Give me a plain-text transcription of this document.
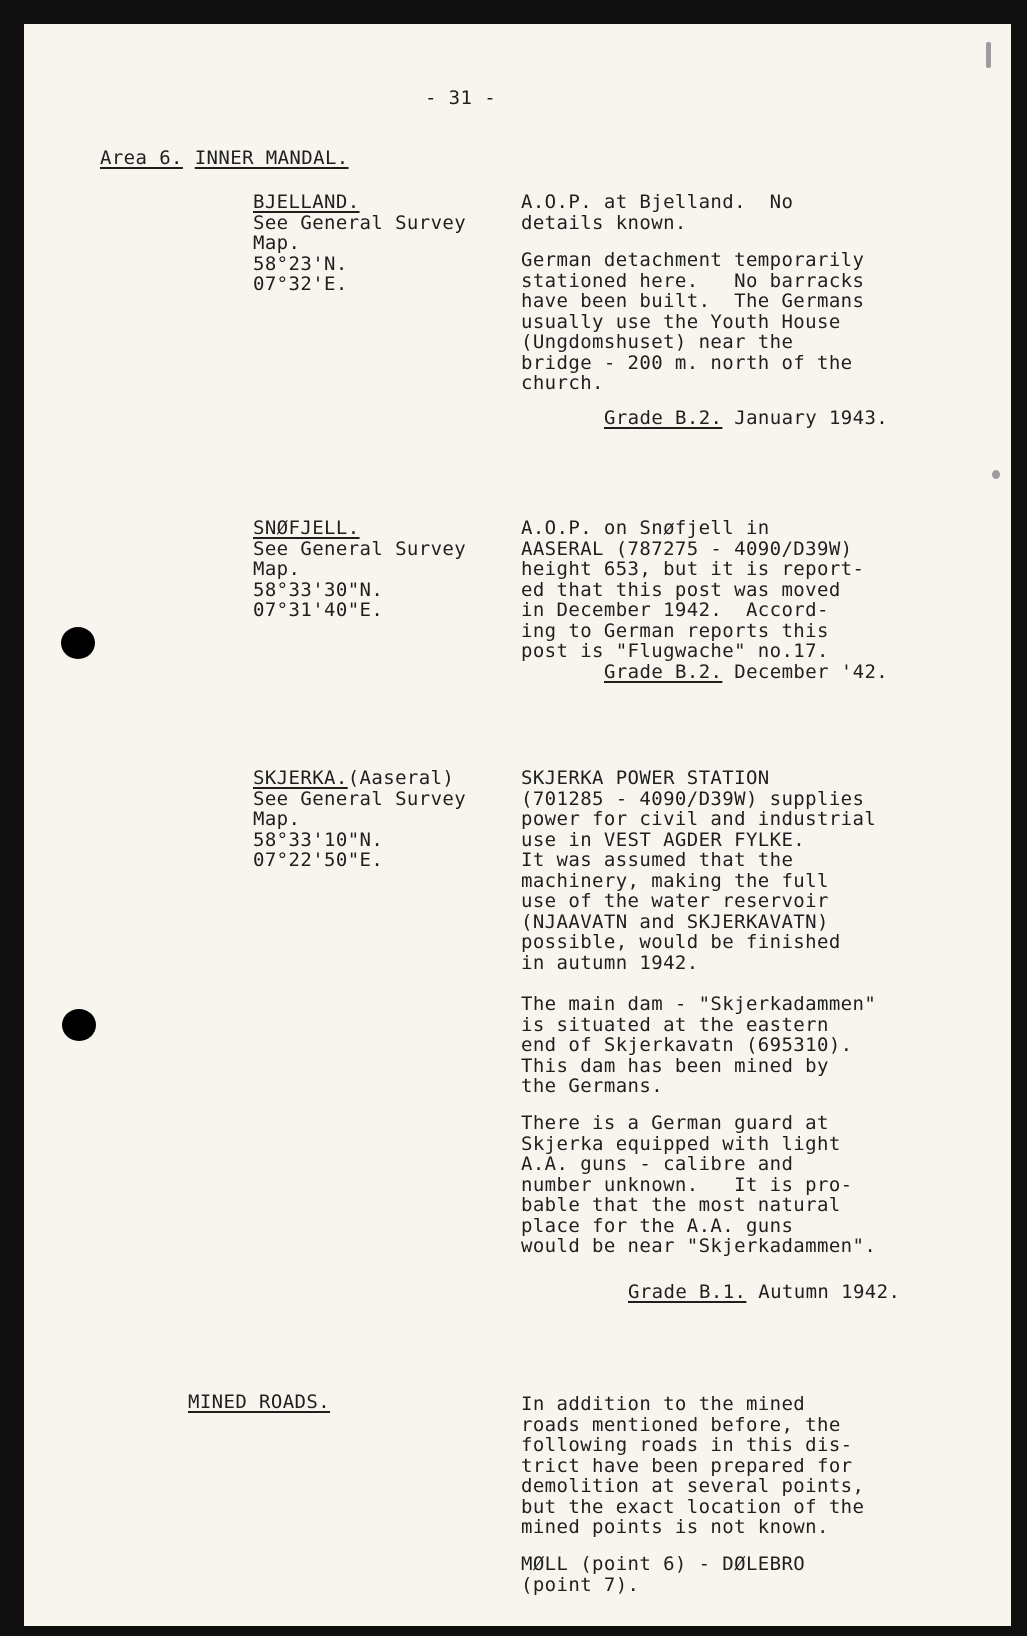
- 31 -
Area 6. INNER MANDAL.
BJELLAND.
See General Survey
Map.
58°23'N.
07°32'E.
A.O.P. at Bjelland.  No
details known.
German detachment temporarily
stationed here.   No barracks
have been built.  The Germans
usually use the Youth House
(Ungdomshuset) near the
bridge - 200 m. north of the
church.
Grade B.2. January 1943.
SNØFJELL.
See General Survey
Map.
58°33'30"N.
07°31'40"E.
A.O.P. on Snøfjell in
AASERAL (787275 - 4090/D39W)
height 653, but it is report-
ed that this post was moved
in December 1942.  Accord-
ing to German reports this
post is "Flugwache" no.17.
Grade B.2. December '42.
SKJERKA.(Aaseral)
See General Survey
Map.
58°33'10"N.
07°22'50"E.
SKJERKA POWER STATION
(701285 - 4090/D39W) supplies
power for civil and industrial
use in VEST AGDER FYLKE.
It was assumed that the
machinery, making the full
use of the water reservoir
(NJAAVATN and SKJERKAVATN)
possible, would be finished
in autumn 1942.
The main dam - "Skjerkadammen"
is situated at the eastern
end of Skjerkavatn (695310).
This dam has been mined by
the Germans.
There is a German guard at
Skjerka equipped with light
A.A. guns - calibre and
number unknown.   It is pro-
bable that the most natural
place for the A.A. guns
would be near "Skjerkadammen".
Grade B.1. Autumn 1942.
MINED ROADS.	In addition to the mined
roads mentioned before, the
following roads in this dis-
trict have been prepared for
demolition at several points,
but the exact location of the
mined points is not known.
MØLL (point 6) - DØLEBRO
(point 7).
